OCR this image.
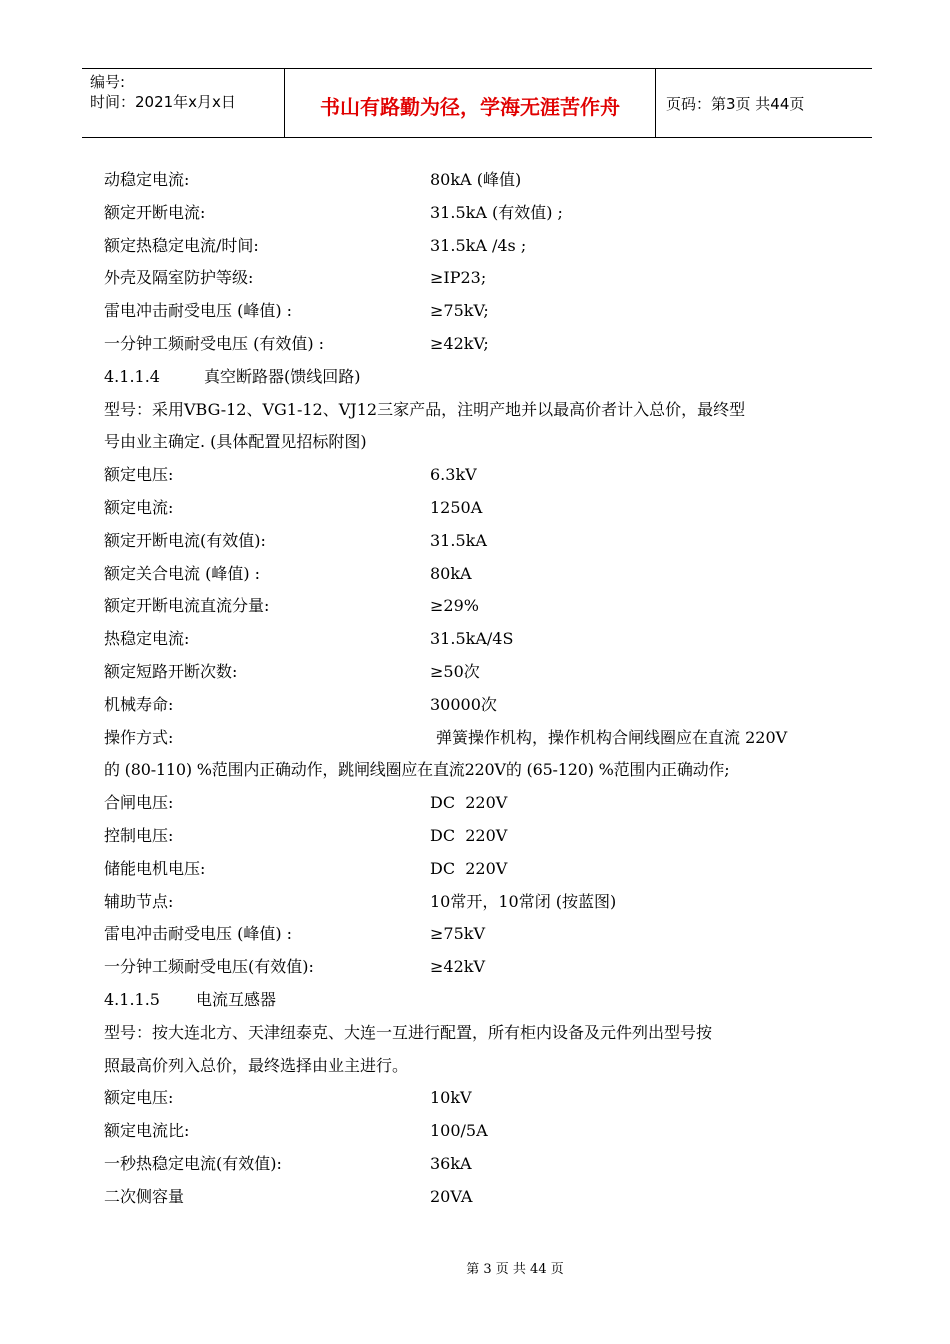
编号:
时间：2021年x月x日	书山有路勤为径，学海无涯苦作舟	页码：第3页 共44页
动稳定电流:	80kA (峰值)
额定开断电流:	31.5kA (有效值) ;
额定热稳定电流/时间:	31.5kA /4s ;
外壳及隔室防护等级:	≥IP23;
雷电冲击耐受电压 (峰值) :	≥75kV;
一分钟工频耐受电压 (有效值) :	≥42kV;
4.1.1.4	真空断路器(馈线回路)
型号：采用VBG-12、VG1-12、VJ12三家产品，注明产地并以最高价者计入总价，最终型
号由业主确定. (具体配置见招标附图)
额定电压:	6.3kV
额定电流:	1250A
额定开断电流(有效值):	31.5kA
额定关合电流 (峰值) :	80kA
额定开断电流直流分量:	≥29%
热稳定电流:	31.5kA/4S
额定短路开断次数:	≥50次
机械寿命:	30000次
操作方式:	弹簧操作机构，操作机构合闸线圈应在直流 220V
的 (80-110) %范围内正确动作，跳闸线圈应在直流220V的 (65-120) %范围内正确动作;
合闸电压:	DC  220V
控制电压:	DC  220V
储能电机电压:	DC  220V
辅助节点:	10常开，10常闭 (按蓝图)
雷电冲击耐受电压 (峰值) :	≥75kV
一分钟工频耐受电压(有效值):	≥42kV
4.1.1.5 电流互感器
型号：按大连北方、天津纽泰克、大连一互进行配置，所有柜内设备及元件列出型号按
照最高价列入总价，最终选择由业主进行。
额定电压:	10kV
额定电流比:	100/5A
一秒热稳定电流(有效值):	36kA
二次侧容量	20VA
第 3 页 共 44 页
